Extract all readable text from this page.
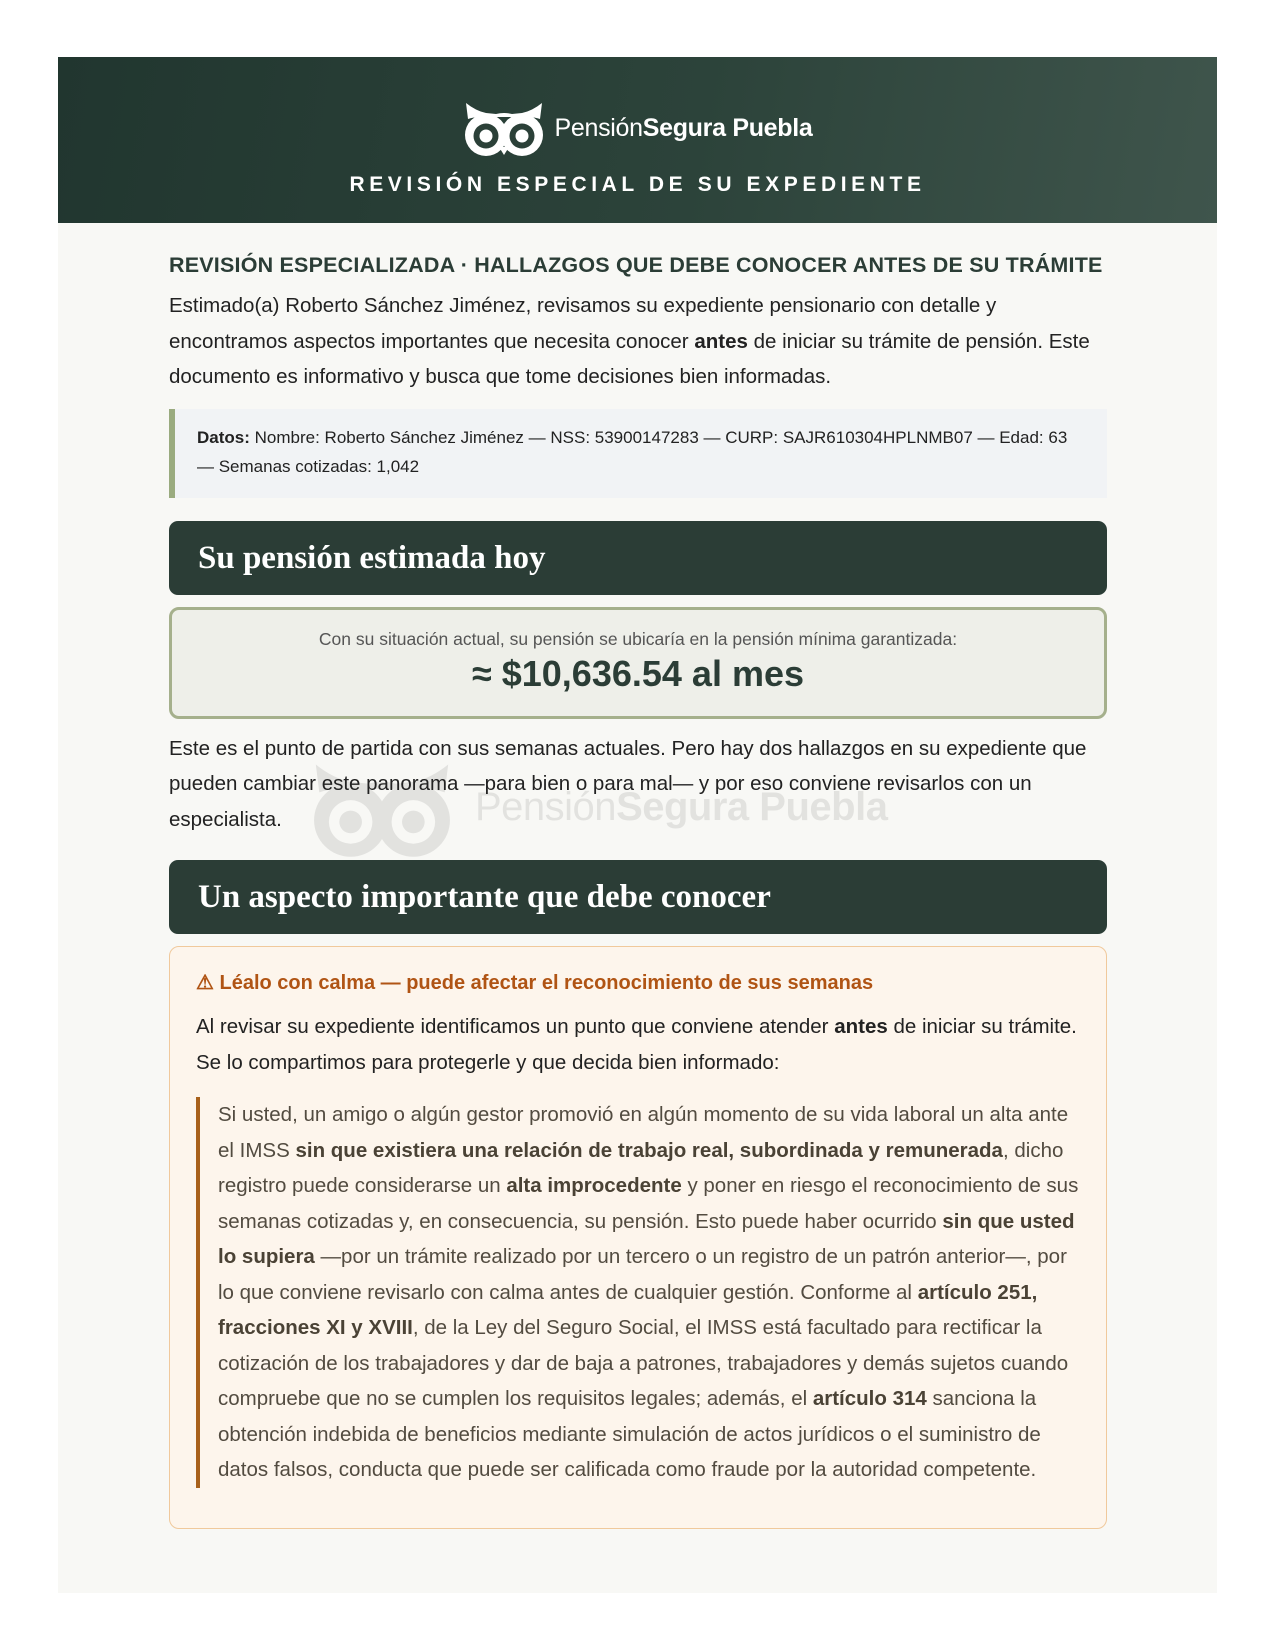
PensiónSegura Puebla
REVISIÓN ESPECIAL DE SU EXPEDIENTE
REVISIÓN ESPECIALIZADA · HALLAZGOS QUE DEBE CONOCER ANTES DE SU TRÁMITE

Estimado(a) Roberto Sánchez Jiménez, revisamos su expediente pensionario con detalle y encontramos aspectos importantes que necesita conocer antes de iniciar su trámite de pensión. Este documento es informativo y busca que tome decisiones bien informadas.

Datos: Nombre: Roberto Sánchez Jiménez — NSS: 53900147283 — CURP: SAJR610304HPLNMB07 — Edad: 63 — Semanas cotizadas: 1,042
Su pensión estimada hoy
Con su situación actual, su pensión se ubicaría en la pensión mínima garantizada:
≈ $10,636.54 al mes
PensiónSegura Puebla

Este es el punto de partida con sus semanas actuales. Pero hay dos hallazgos en su expediente que pueden cambiar este panorama —para bien o para mal— y por eso conviene revisarlos con un especialista.

Un aspecto importante que debe conocer
⚠ Léalo con calma — puede afectar el reconocimiento de sus semanas

Al revisar su expediente identificamos un punto que conviene atender antes de iniciar su trámite. Se lo compartimos para protegerle y que decida bien informado:

Si usted, un amigo o algún gestor promovió en algún momento de su vida laboral un alta ante el IMSS sin que existiera una relación de trabajo real, subordinada y remunerada, dicho registro puede considerarse un alta improcedente y poner en riesgo el reconocimiento de sus semanas cotizadas y, en consecuencia, su pensión. Esto puede haber ocurrido sin que usted lo supiera —por un trámite realizado por un tercero o un registro de un patrón anterior—, por lo que conviene revisarlo con calma antes de cualquier gestión. Conforme al artículo 251, fracciones XI y XVIII, de la Ley del Seguro Social, el IMSS está facultado para rectificar la cotización de los trabajadores y dar de baja a patrones, trabajadores y demás sujetos cuando compruebe que no se cumplen los requisitos legales; además, el artículo 314 sanciona la obtención indebida de beneficios mediante simulación de actos jurídicos o el suministro de datos falsos, conducta que puede ser calificada como fraude por la autoridad competente.
